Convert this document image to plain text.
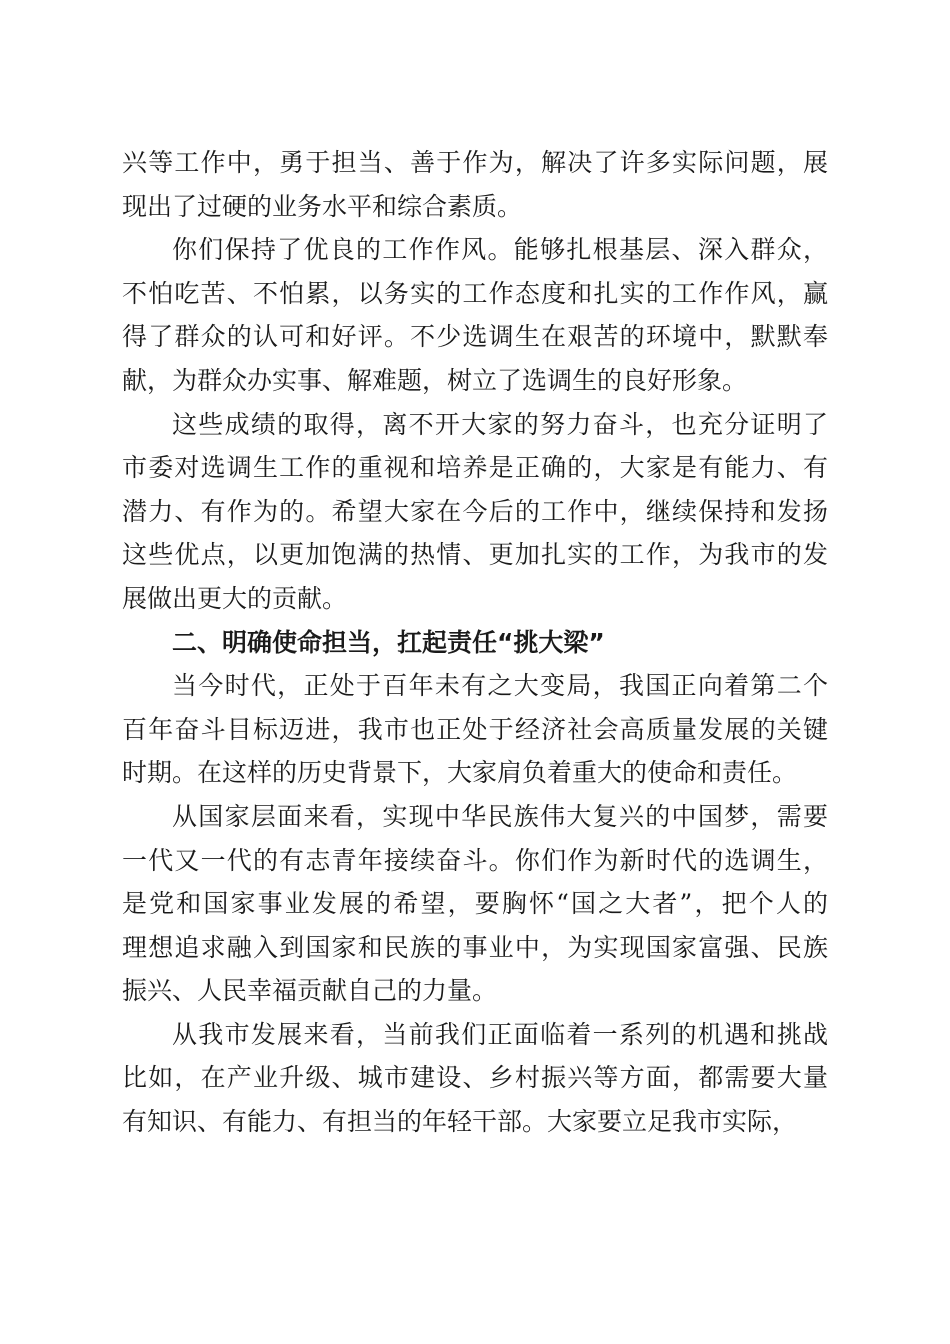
兴等工作中，勇于担当、善于作为，解决了许多实际问题，展
现出了过硬的业务水平和综合素质。
你们保持了优良的工作作风。能够扎根基层、深入群众，
不怕吃苦、不怕累，以务实的工作态度和扎实的工作作风，赢
得了群众的认可和好评。不少选调生在艰苦的环境中，默默奉
献，为群众办实事、解难题，树立了选调生的良好形象。
这些成绩的取得，离不开大家的努力奋斗，也充分证明了
市委对选调生工作的重视和培养是正确的，大家是有能力、有
潜力、有作为的。希望大家在今后的工作中，继续保持和发扬
这些优点，以更加饱满的热情、更加扎实的工作，为我市的发
展做出更大的贡献。
二、明确使命担当，扛起责任“挑大梁”
当今时代，正处于百年未有之大变局，我国正向着第二个
百年奋斗目标迈进，我市也正处于经济社会高质量发展的关键
时期。在这样的历史背景下，大家肩负着重大的使命和责任。
从国家层面来看，实现中华民族伟大复兴的中国梦，需要
一代又一代的有志青年接续奋斗。你们作为新时代的选调生，
是党和国家事业发展的希望，要胸怀“国之大者”，把个人的
理想追求融入到国家和民族的事业中，为实现国家富强、民族
振兴、人民幸福贡献自己的力量。
从我市发展来看，当前我们正面临着一系列的机遇和挑战
比如，在产业升级、城市建设、乡村振兴等方面，都需要大量
有知识、有能力、有担当的年轻干部。大家要立足我市实际，
